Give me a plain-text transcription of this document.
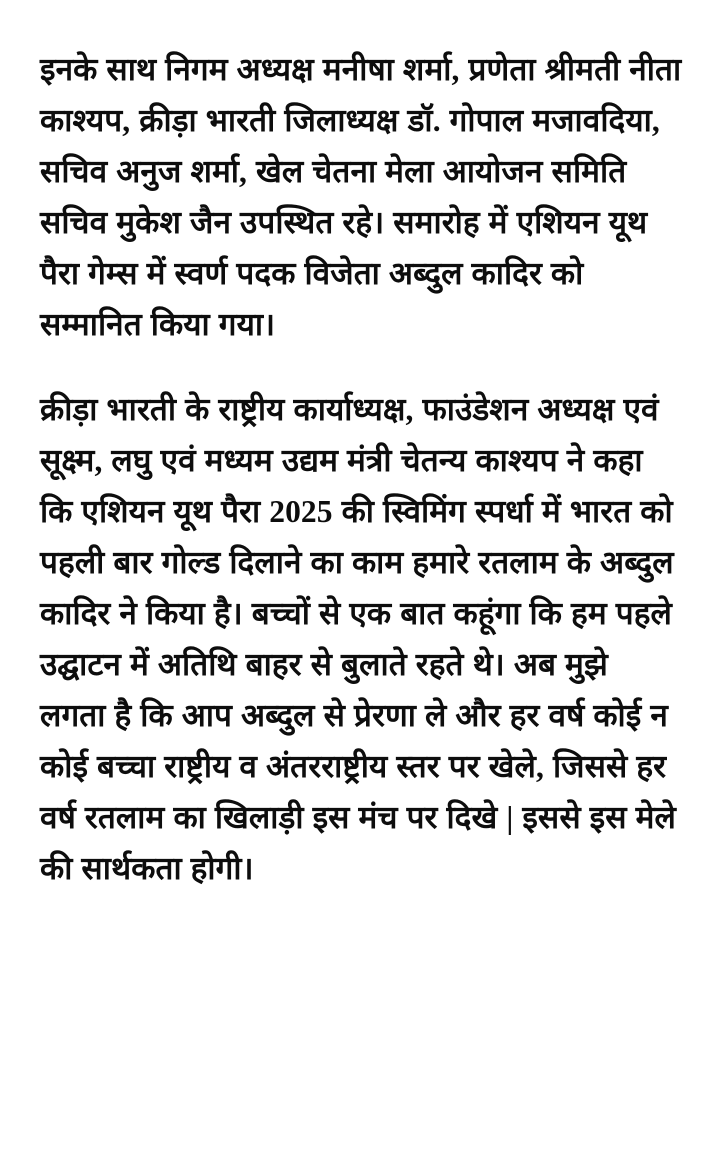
इनके साथ निगम अध्यक्ष मनीषा शर्मा, प्रणेता श्रीमती नीता काश्यप, क्रीड़ा भारती जिलाध्यक्ष डॉ. गोपाल मजावदिया, सचिव अनुज शर्मा, खेल चेतना मेला आयोजन समिति सचिव मुकेश जैन उपस्थित रहे। समारोह में एशियन यूथ पैरा गेम्स में स्वर्ण पदक विजेता अब्दुल कादिर को सम्मानित किया गया।

क्रीड़ा भारती के राष्ट्रीय कार्याध्यक्ष, फाउंडेशन अध्यक्ष एवं सूक्ष्म, लघु एवं मध्यम उद्यम मंत्री चेतन्य काश्यप ने कहा कि एशियन यूथ पैरा 2025 की स्विमिंग स्पर्धा में भारत को पहली बार गोल्ड दिलाने का काम हमारे रतलाम के अब्दुल कादिर ने किया है। बच्चों से एक बात कहूंगा कि हम पहले उद्घाटन में अतिथि बाहर से बुलाते रहते थे। अब मुझे लगता है कि आप अब्दुल से प्रेरणा ले और हर वर्ष कोई न कोई बच्चा राष्ट्रीय व अंतरराष्ट्रीय स्तर पर खेले, जिससे हर वर्ष रतलाम का खिलाड़ी इस मंच पर दिखे | इससे इस मेले की सार्थकता होगी।
